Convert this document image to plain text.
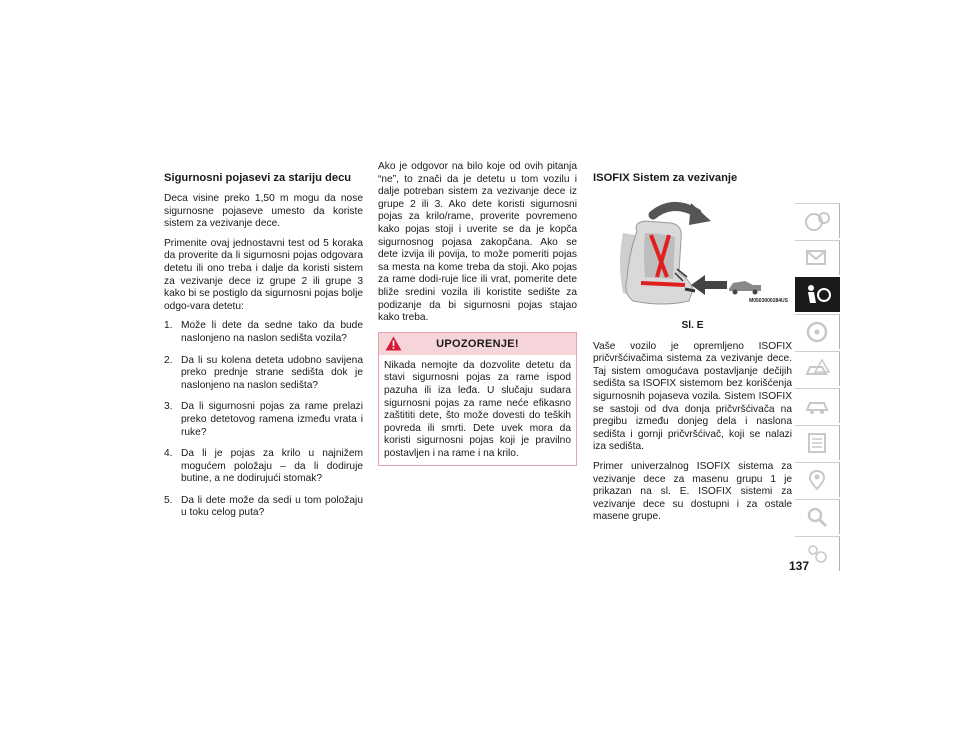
Sigurnosni pojasevi za stariju decu

Deca visine preko 1,50 m mogu da nose sigurnosne pojaseve umesto da koriste sistem za vezivanje dece.

Primenite ovaj jednostavni test od 5 koraka da proverite da li sigurnosni pojas odgovara detetu ili ono treba i dalje da koristi sistem za vezivanje dece iz grupe 2 ili grupe 3 kako bi se postiglo da sigurnosni pojas bolje odgo-vara detetu:

1. Može li dete da sedne tako da bude naslonjeno na naslon sedišta vozila?
2. Da li su kolena deteta udobno savijena preko prednje strane sedišta dok je naslonjeno na naslon sedišta?
3. Da li sigurnosni pojas za rame prelazi preko detetovog ramena između vrata i ruke?
4. Da li je pojas za krilo u najnižem mogućem položaju – da li dodiruje butine, a ne dodirujući stomak?
5. Da li dete može da sedi u tom položaju u toku celog puta?

Ako je odgovor na bilo koje od ovih pitanja “ne”, to znači da je detetu u tom vozilu i dalje potreban sistem za vezivanje dece iz grupe 2 ili 3. Ako dete koristi sigurnosni pojas za krilo/rame, proverite povremeno kako pojas stoji i uverite se da je kopča sigurnosnog pojasa zakopčana. Ako se dete izvija ili povija, to može pomeriti pojas sa mesta na kome treba da stoji. Ako pojas za rame dodi-ruje lice ili vrat, pomerite dete bliže sredini vozila ili koristite sedište za podizanje da bi sigurnosni pojas stajao kako treba.

UPOZORENJE!

Nikada nemojte da dozvolite detetu da stavi sigurnosni pojas za rame ispod pazuha ili iza leđa. U slučaju sudara sigurnosni pojas za rame neće efikasno zaštititi dete, što može dovesti do teških povreda ili smrti. Dete uvek mora da koristi sigurnosni pojas koji je pravilno postavljen i na rame i na krilo.

ISOFIX Sistem za vezivanje
M0503000284US
Sl. E

Vaše vozilo je opremljeno ISOFIX pričvršćivačima sistema za vezivanje dece. Taj sistem omogućava postavljanje dečijih sedišta sa ISOFIX sistemom bez korišćenja sigurnosnih pojaseva vozila. Sistem ISOFIX se sastoji od dva donja pričvršćivača na pregibu između donjeg dela i naslona sedišta i gornji pričvršćivač, koji se nalazi iza sedišta.

Primer univerzalnog ISOFIX sistema za vezivanje dece za masenu grupu 1 je prikazan na sl. E. ISOFIX sistemi za vezivanje dece su dostupni i za ostale masene grupe.

137
